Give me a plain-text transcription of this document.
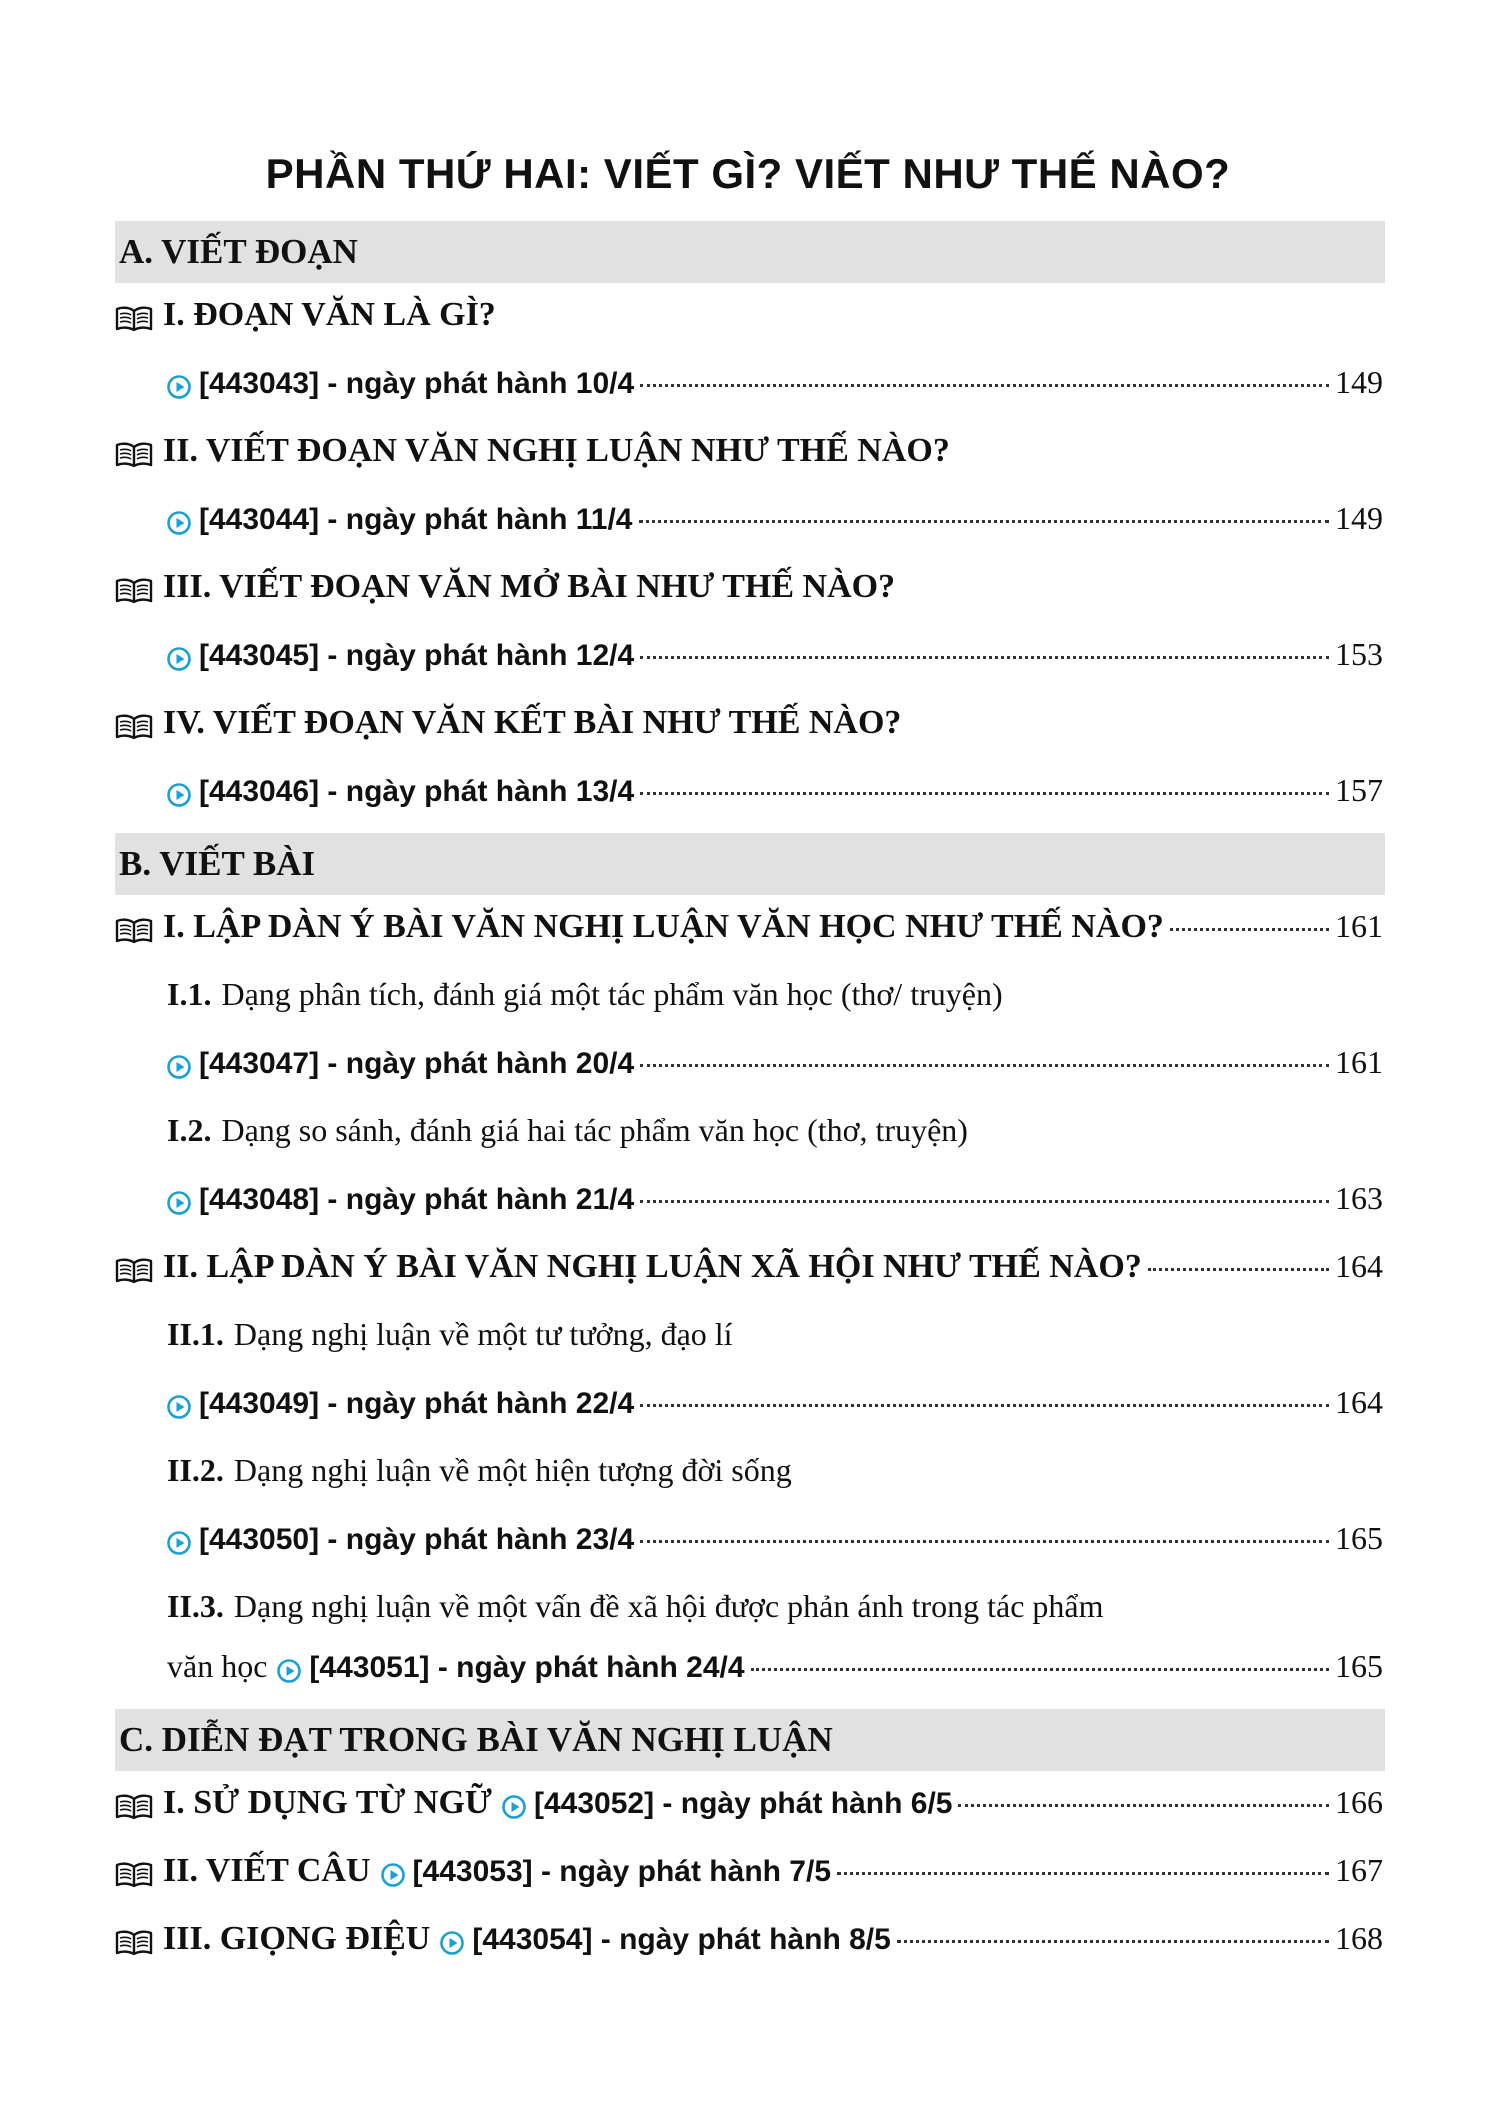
PHẦN THỨ HAI: VIẾT GÌ? VIẾT NHƯ THẾ NÀO?
A. VIẾT ĐOẠN
I. ĐOẠN VĂN LÀ GÌ?
[443043] - ngày phát hành 10/4	149
II. VIẾT ĐOẠN VĂN NGHỊ LUẬN NHƯ THẾ NÀO?
[443044] - ngày phát hành 11/4	149
III. VIẾT ĐOẠN VĂN MỞ BÀI NHƯ THẾ NÀO?
[443045] - ngày phát hành 12/4	153
IV. VIẾT ĐOẠN VĂN KẾT BÀI NHƯ THẾ NÀO?
[443046] - ngày phát hành 13/4	157
B. VIẾT BÀI
I. LẬP DÀN Ý BÀI VĂN NGHỊ LUẬN VĂN HỌC NHƯ THẾ NÀO?	161
I.1. Dạng phân tích, đánh giá một tác phẩm văn học (thơ/ truyện)
[443047] - ngày phát hành 20/4	161
I.2. Dạng so sánh, đánh giá hai tác phẩm văn học (thơ, truyện)
[443048] - ngày phát hành 21/4	163
II. LẬP DÀN Ý BÀI VĂN NGHỊ LUẬN XÃ HỘI NHƯ THẾ NÀO?	164
II.1. Dạng nghị luận về một tư tưởng, đạo lí
[443049] - ngày phát hành 22/4	164
II.2. Dạng nghị luận về một hiện tượng đời sống
[443050] - ngày phát hành 23/4	165
II.3. Dạng nghị luận về một vấn đề xã hội được phản ánh trong tác phẩm
văn học [443051] - ngày phát hành 24/4	165
C. DIỄN ĐẠT TRONG BÀI VĂN NGHỊ LUẬN
I. SỬ DỤNG TỪ NGỮ [443052] - ngày phát hành 6/5	166
II. VIẾT CÂU [443053] - ngày phát hành 7/5	167
III. GIỌNG ĐIỆU [443054] - ngày phát hành 8/5	168
